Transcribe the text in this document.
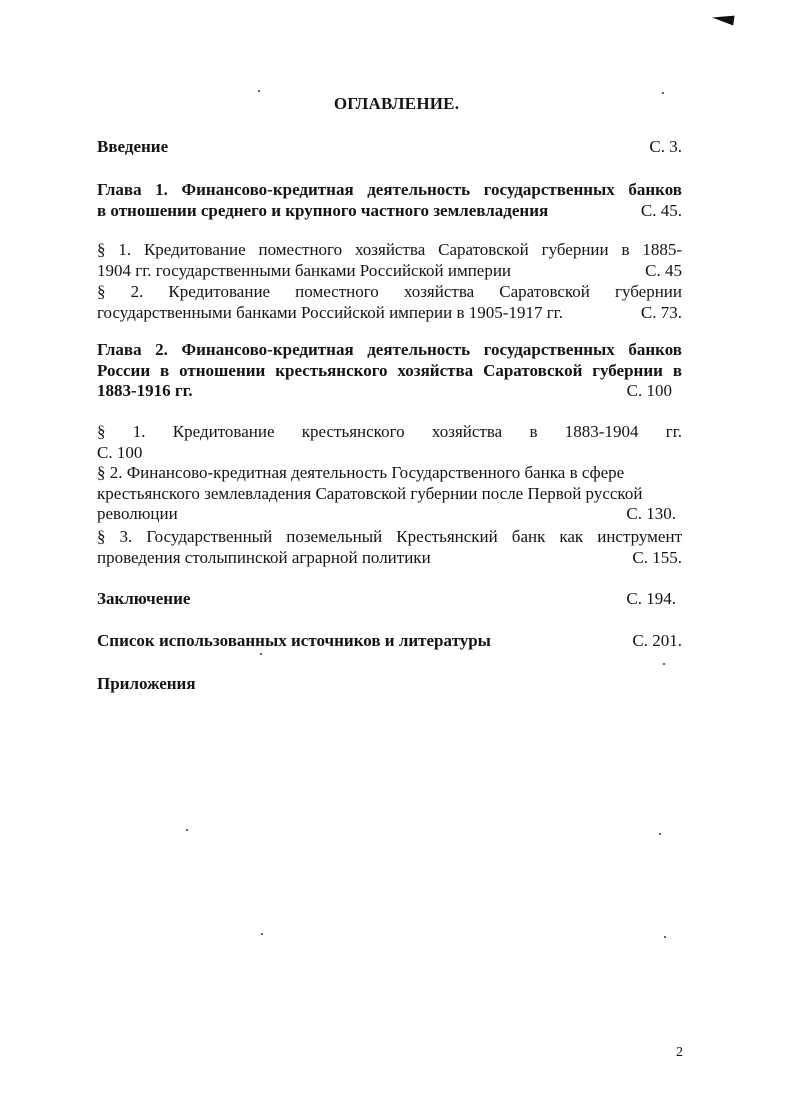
ОГЛАВЛЕНИЕ.
Введение	С. 3.
Глава 1. Финансово-кредитная деятельность государственных банков
в отношении среднего и крупного частного землевладения	С. 45.
§ 1. Кредитование поместного хозяйства Саратовской губернии в 1885-
1904 гг. государственными банками Российской империи	С. 45
§ 2. Кредитование поместного хозяйства Саратовской губернии
государственными банками Российской империи в 1905-1917 гг.	С. 73.
Глава 2. Финансово-кредитная деятельность государственных банков
России в отношении крестьянского хозяйства Саратовской губернии в
1883-1916 гг.	С. 100
§ 1. Кредитование крестьянского хозяйства в 1883-1904 гг.
С. 100
§ 2. Финансово-кредитная деятельность Государственного банка в сфере
крестьянского землевладения Саратовской губернии после Первой русской
революции	С. 130.
§ 3. Государственный поземельный Крестьянский банк как инструмент
проведения столыпинской аграрной политики	С. 155.
Заключение	С. 194.
Список использованных источников и литературы	С. 201.
Приложения
2
